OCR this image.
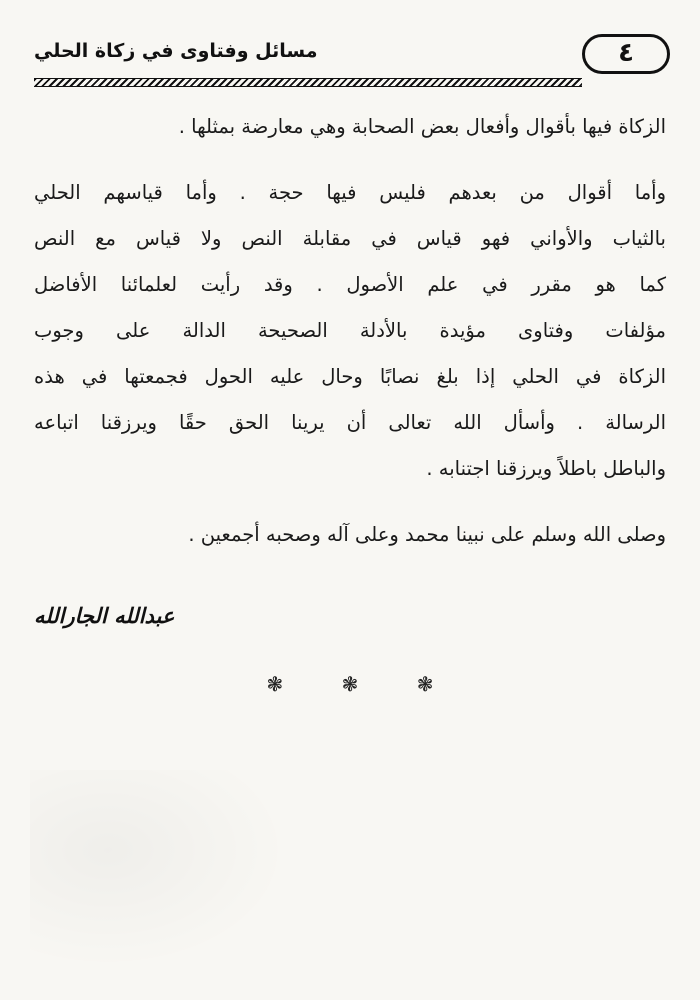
مسائل وفتاوى في زكاة الحلي	٤
الزكاة فيها بأقوال وأفعال بعض الصحابة وهي معارضة بمثلها .
وأما أقوال من بعدهم فليس فيها حجة . وأما قياسهم الحلي
بالثياب والأواني فهو قياس في مقابلة النص ولا قياس مع النص
كما هو مقرر في علم الأصول . وقد رأيت لعلمائنا الأفاضل
مؤلفات وفتاوى مؤيدة بالأدلة الصحيحة الدالة على وجوب
الزكاة في الحلي إذا بلغ نصابًا وحال عليه الحول فجمعتها في هذه
الرسالة . وأسأل الله تعالى أن يرينا الحق حقًا ويرزقنا اتباعه
والباطل باطلاً ويرزقنا اجتنابه .
وصلى الله وسلم على نبينا محمد وعلى آله وصحبه أجمعين .
عبدالله الجارالله
❃	❃	❃
